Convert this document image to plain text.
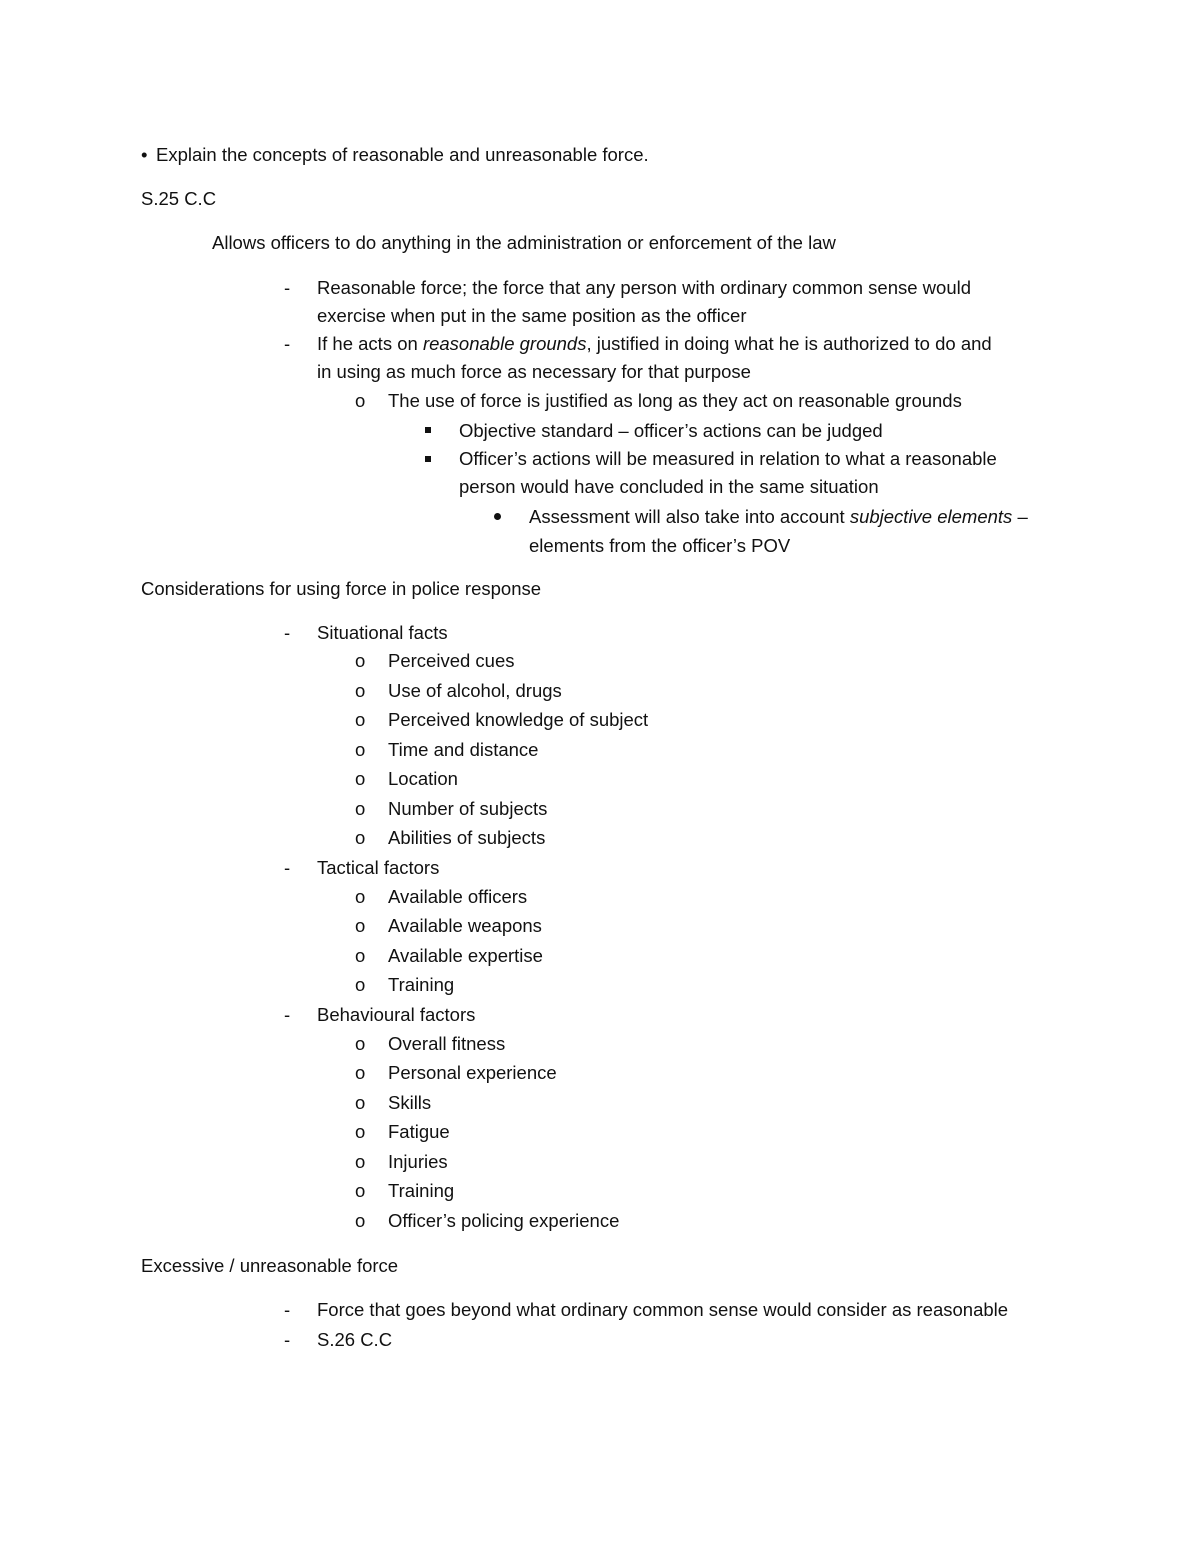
• Explain the concepts of reasonable and unreasonable force.
S.25 C.C
Allows officers to do anything in the administration or enforcement of the law
- Reasonable force; the force that any person with ordinary common sense would
exercise when put in the same position as the officer
- If he acts on reasonable grounds, justified in doing what he is authorized to do and
in using as much force as necessary for that purpose
o The use of force is justified as long as they act on reasonable grounds
Objective standard – officer’s actions can be judged
Officer’s actions will be measured in relation to what a reasonable
person would have concluded in the same situation
Assessment will also take into account subjective elements –
elements from the officer’s POV
Considerations for using force in police response
- Situational facts
o Perceived cues
o Use of alcohol, drugs
o Perceived knowledge of subject
o Time and distance
o Location
o Number of subjects
o Abilities of subjects
- Tactical factors
o Available officers
o Available weapons
o Available expertise
o Training
- Behavioural factors
o Overall fitness
o Personal experience
o Skills
o Fatigue
o Injuries
o Training
o Officer’s policing experience
Excessive / unreasonable force
- Force that goes beyond what ordinary common sense would consider as reasonable
- S.26 C.C
